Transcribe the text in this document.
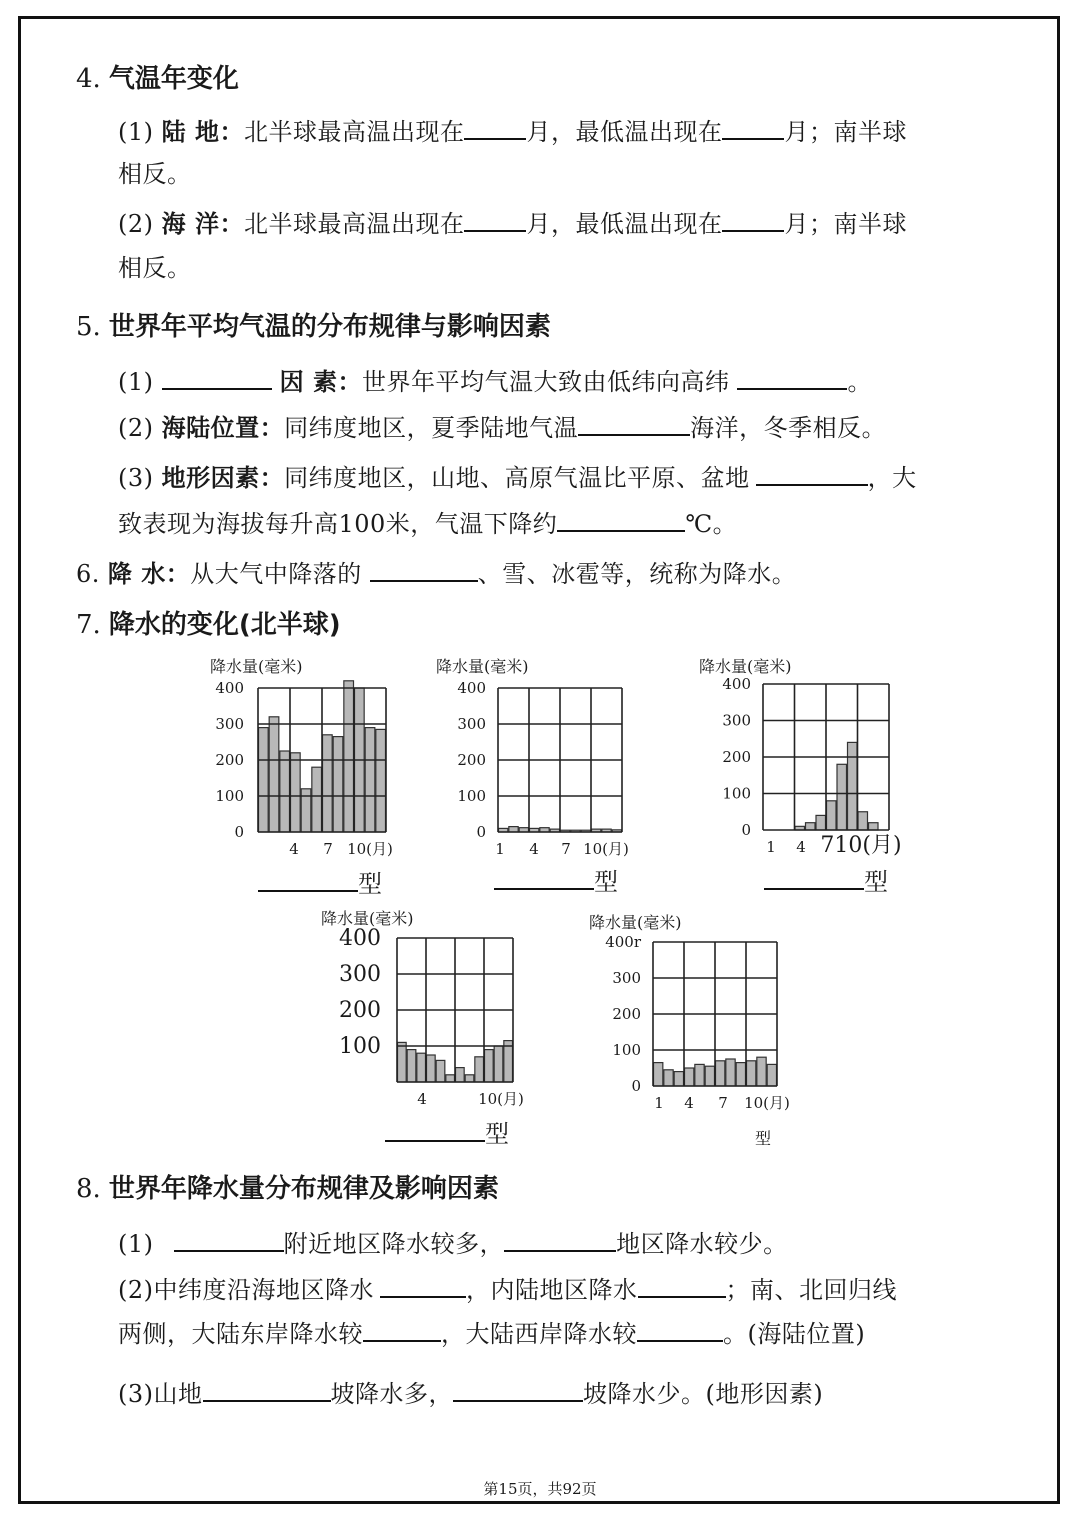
4. 气温年变化
(1) 陆 地：北半球最高温出现在	月，最低温出现在	月；南半球
相反。
(2) 海 洋：北半球最高温出现在	月，最低温出现在	月；南半球
相反。
5. 世界年平均气温的分布规律与影响因素
(1)	因 素：世界年平均气温大致由低纬向高纬	。
(2) 海陆位置：同纬度地区，夏季陆地气温	海洋，冬季相反。
(3) 地形因素：同纬度地区，山地、高原气温比平原、盆地	，大
致表现为海拔每升高100米，气温下降约	℃。
6. 降 水：从大气中降落的	、雪、冰雹等，统称为降水。
7. 降水的变化(北半球)
降水量(毫米)
400
300
200
100
0
4 7 10(月)
降水量(毫米)
400
300
200
100
0
1 4 7 10(月)
降水量(毫米)
400
300
200
100
0
1 4 710(月)
降水量(毫米)
400
300
200
100
4	10(月)
降水量(毫米)
400r
300
200
100
0
1 4 7 10(月)
型	型	型
型	型
8. 世界年降水量分布规律及影响因素
(1)	附近地区降水较多，	地区降水较少。
(2)中纬度沿海地区降水	，内陆地区降水	；南、北回归线
两侧，大陆东岸降水较	，大陆西岸降水较	。(海陆位置)
(3)山地	坡降水多，	坡降水少。(地形因素)
第15页，共92页
